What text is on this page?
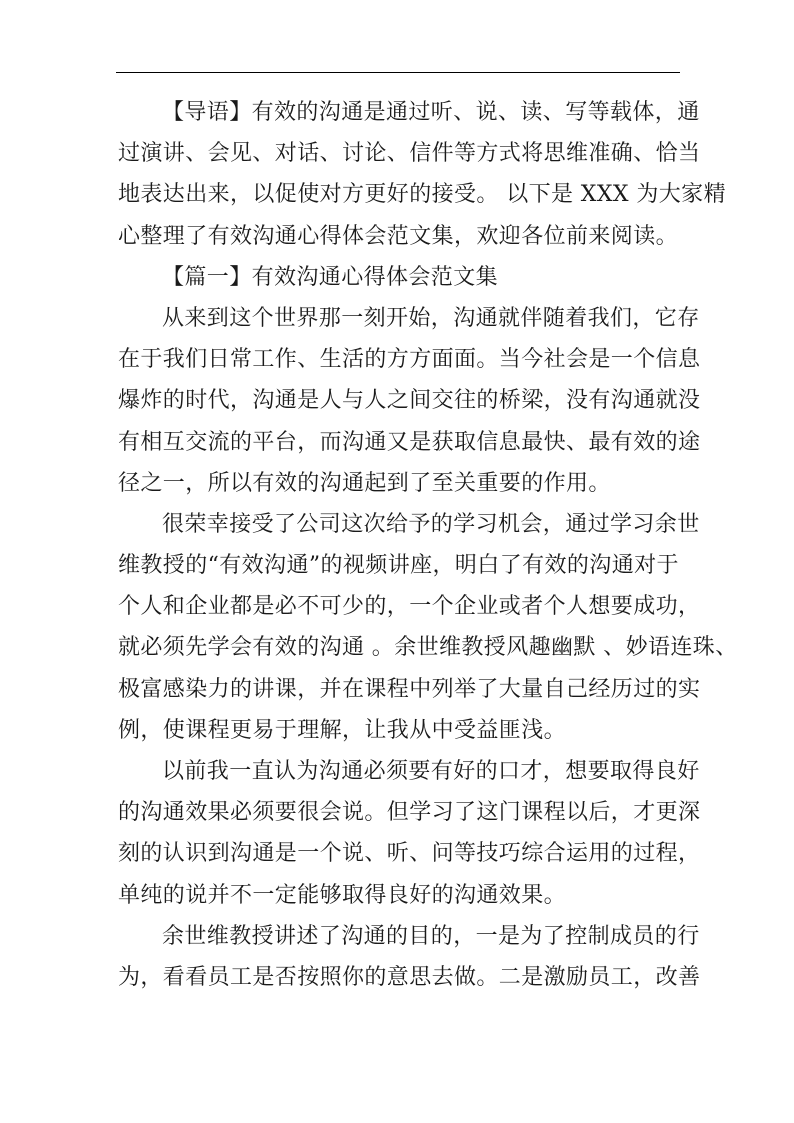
【导语】有效的沟通是通过听、说、读、写等载体，通
过演讲、会见、对话、讨论、信件等方式将思维准确、恰当
地表达出来，以促使对方更好的接受。 以下是 XXX 为大家精
心整理了有效沟通心得体会范文集，欢迎各位前来阅读。
【篇一】有效沟通心得体会范文集
从来到这个世界那一刻开始，沟通就伴随着我们，它存
在于我们日常工作、生活的方方面面。当今社会是一个信息
爆炸的时代，沟通是人与人之间交往的桥梁，没有沟通就没
有相互交流的平台，而沟通又是获取信息最快、最有效的途
径之一，所以有效的沟通起到了至关重要的作用。
很荣幸接受了公司这次给予的学习机会，通过学习余世
维教授的“有效沟通”的视频讲座，明白了有效的沟通对于
个人和企业都是必不可少的，一个企业或者个人想要成功，
就必须先学会有效的沟通 。余世维教授风趣幽默 、妙语连珠、
极富感染力的讲课，并在课程中列举了大量自己经历过的实
例，使课程更易于理解，让我从中受益匪浅。
以前我一直认为沟通必须要有好的口才，想要取得良好
的沟通效果必须要很会说。但学习了这门课程以后，才更深
刻的认识到沟通是一个说、听、问等技巧综合运用的过程，
单纯的说并不一定能够取得良好的沟通效果。
余世维教授讲述了沟通的目的，一是为了控制成员的行
为，看看员工是否按照你的意思去做。二是激励员工，改善
